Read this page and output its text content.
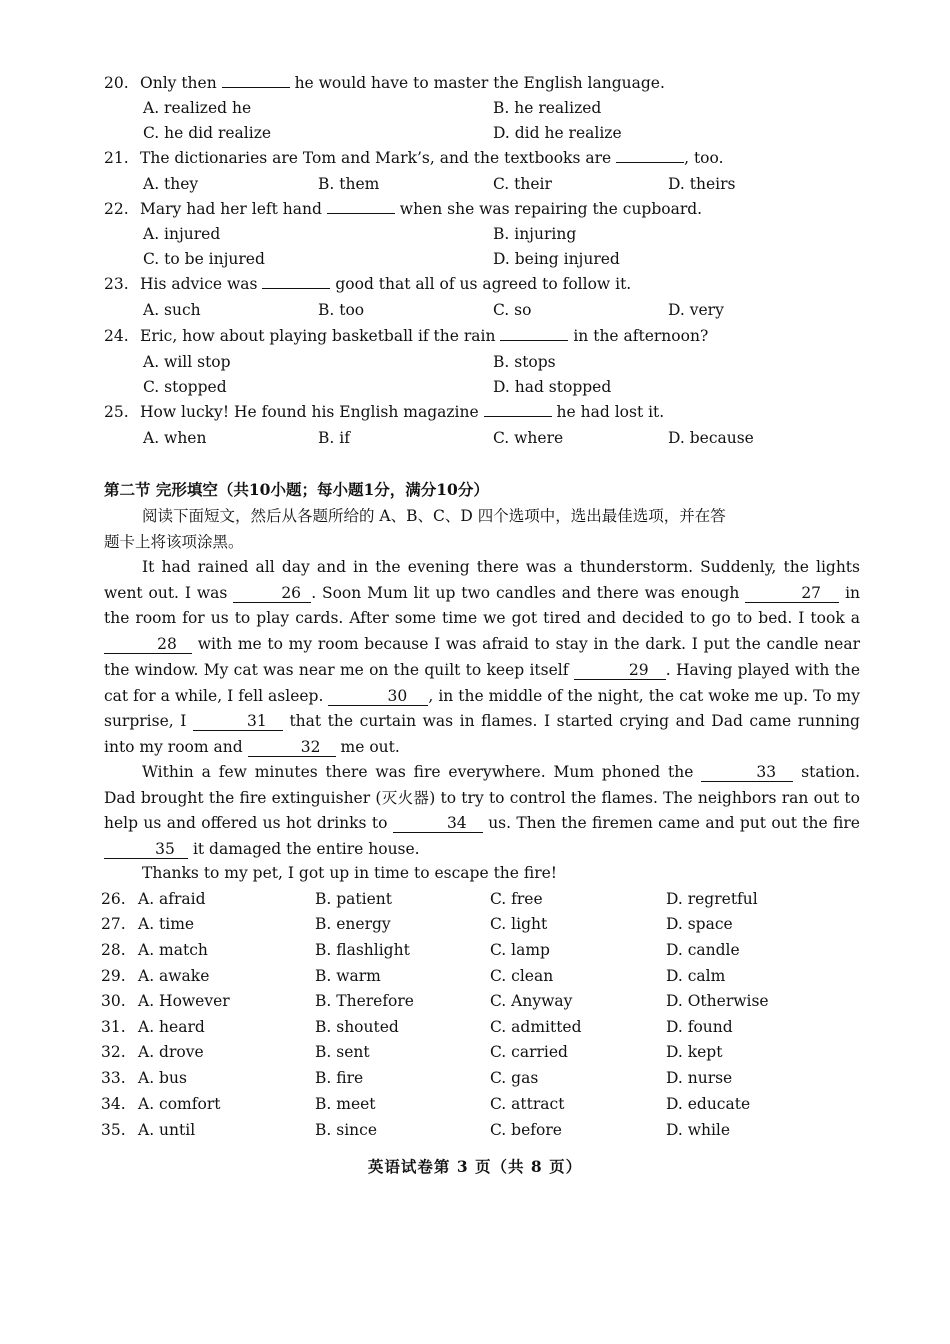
20. Only then	he would have to master the English language.
A. realized he	B. he realized
C. he did realize	D. did he realize
21. The dictionaries are Tom and Mark’s, and the textbooks are	, too.
A. they	B. them	C. their	D. theirs
22. Mary had her left hand	when she was repairing the cupboard.
A. injured	B. injuring
C. to be injured	D. being injured
23. His advice was	good that all of us agreed to follow it.
A. such	B. too	C. so	D. very
24. Eric, how about playing basketball if the rain	in the afternoon?
A. will stop	B. stops
C. stopped	D. had stopped
25. How lucky! He found his English magazine	he had lost it.
A. when	B. if	C. where	D. because
第二节 完形填空（共10小题；每小题1分，满分10分）
阅读下面短文，然后从各题所给的 A、B、C、D 四个选项中，选出最佳选项，并在答
题卡上将该项涂黑。
It had rained all day and in the evening there was a thunderstorm. Suddenly, the lights went out. I was	26 . Soon Mum lit up two candles and there was enough	27 in the room for us to play cards. After some time we got tired and decided to go to bed. I took a 28 with me to my room because I was afraid to stay in the dark. I put the candle near the window. My cat was near me on the quilt to keep itself	29 . Having played with the cat for a while, I fell asleep.	30 , in the middle of the night, the cat woke me up. To my surprise, I	31 that the curtain was in flames. I started crying and Dad came running into my room and	32 me out.
Within a few minutes there was fire everywhere. Mum phoned the	33 station. Dad brought the fire extinguisher (灭火器) to try to control the flames. The neighbors ran out to help us and offered us hot drinks to	34 us. Then the firemen came and put out the fire 35 it damaged the entire house.
Thanks to my pet, I got up in time to escape the fire!
26. A. afraid	B. patient	C. free	D. regretful
27. A. time	B. energy	C. light	D. space
28. A. match	B. flashlight	C. lamp	D. candle
29. A. awake	B. warm	C. clean	D. calm
30. A. However	B. Therefore	C. Anyway	D. Otherwise
31. A. heard	B. shouted	C. admitted	D. found
32. A. drove	B. sent	C. carried	D. kept
33. A. bus	B. fire	C. gas	D. nurse
34. A. comfort	B. meet	C. attract	D. educate
35. A. until	B. since	C. before	D. while
英语试卷第 3 页（共 8 页）
